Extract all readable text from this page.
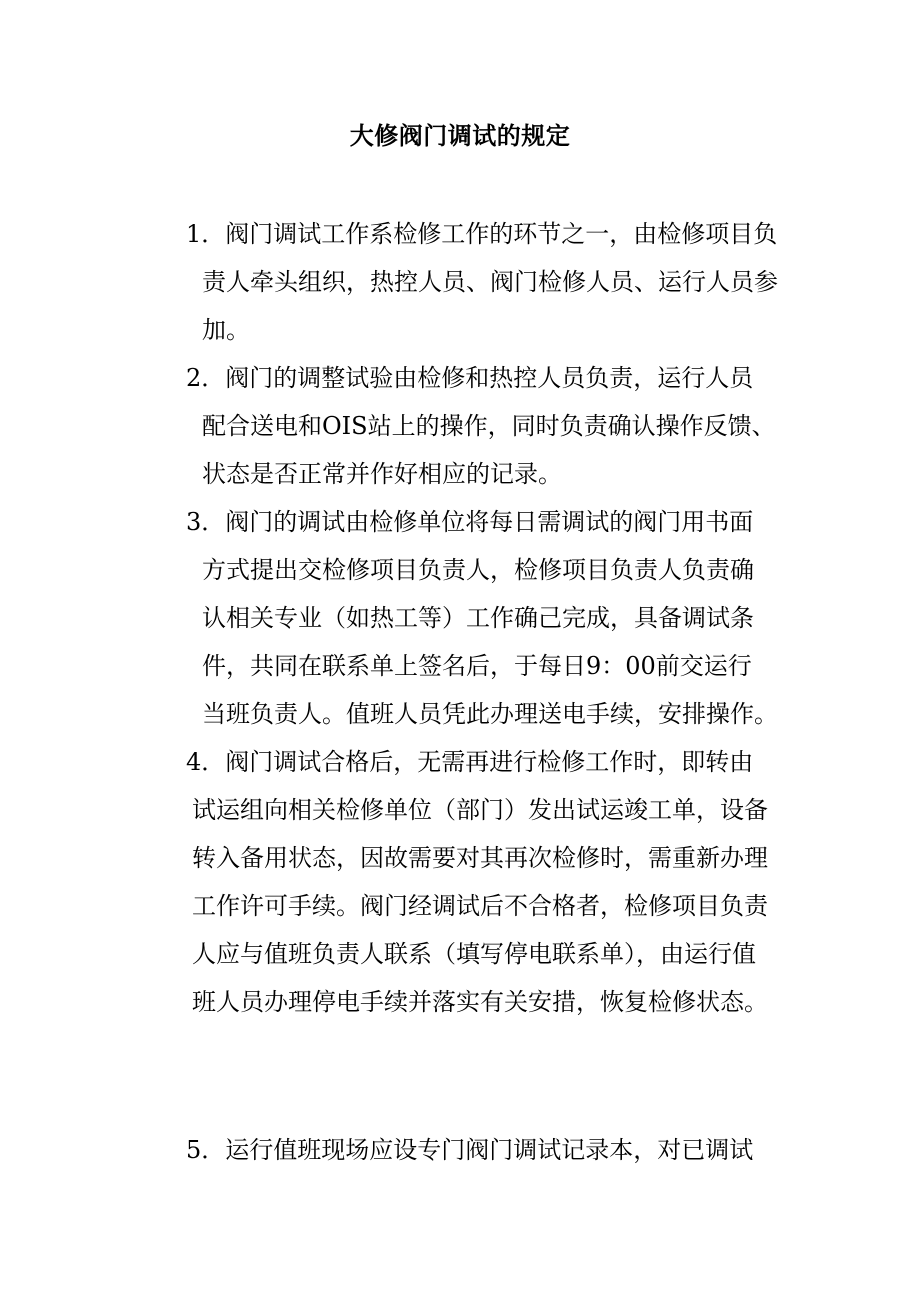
大修阀门调试的规定
1．阀门调试工作系检修工作的环节之一，由检修项目负
责人牵头组织，热控人员、阀门检修人员、运行人员参
加。
2．阀门的调整试验由检修和热控人员负责，运行人员
配合送电和OIS站上的操作，同时负责确认操作反馈、
状态是否正常并作好相应的记录。
3．阀门的调试由检修单位将每日需调试的阀门用书面
方式提出交检修项目负责人，检修项目负责人负责确
认相关专业（如热工等）工作确己完成，具备调试条
件，共同在联系单上签名后，于每日9：00前交运行
当班负责人。值班人员凭此办理送电手续，安排操作。
4．阀门调试合格后，无需再进行检修工作时，即转由
试运组向相关检修单位（部门）发出试运竣工单，设备
转入备用状态，因故需要对其再次检修时，需重新办理
工作许可手续。阀门经调试后不合格者，检修项目负责
人应与值班负责人联系（填写停电联系单），由运行值
班人员办理停电手续并落实有关安措，恢复检修状态。
5．运行值班现场应设专门阀门调试记录本，对已调试
